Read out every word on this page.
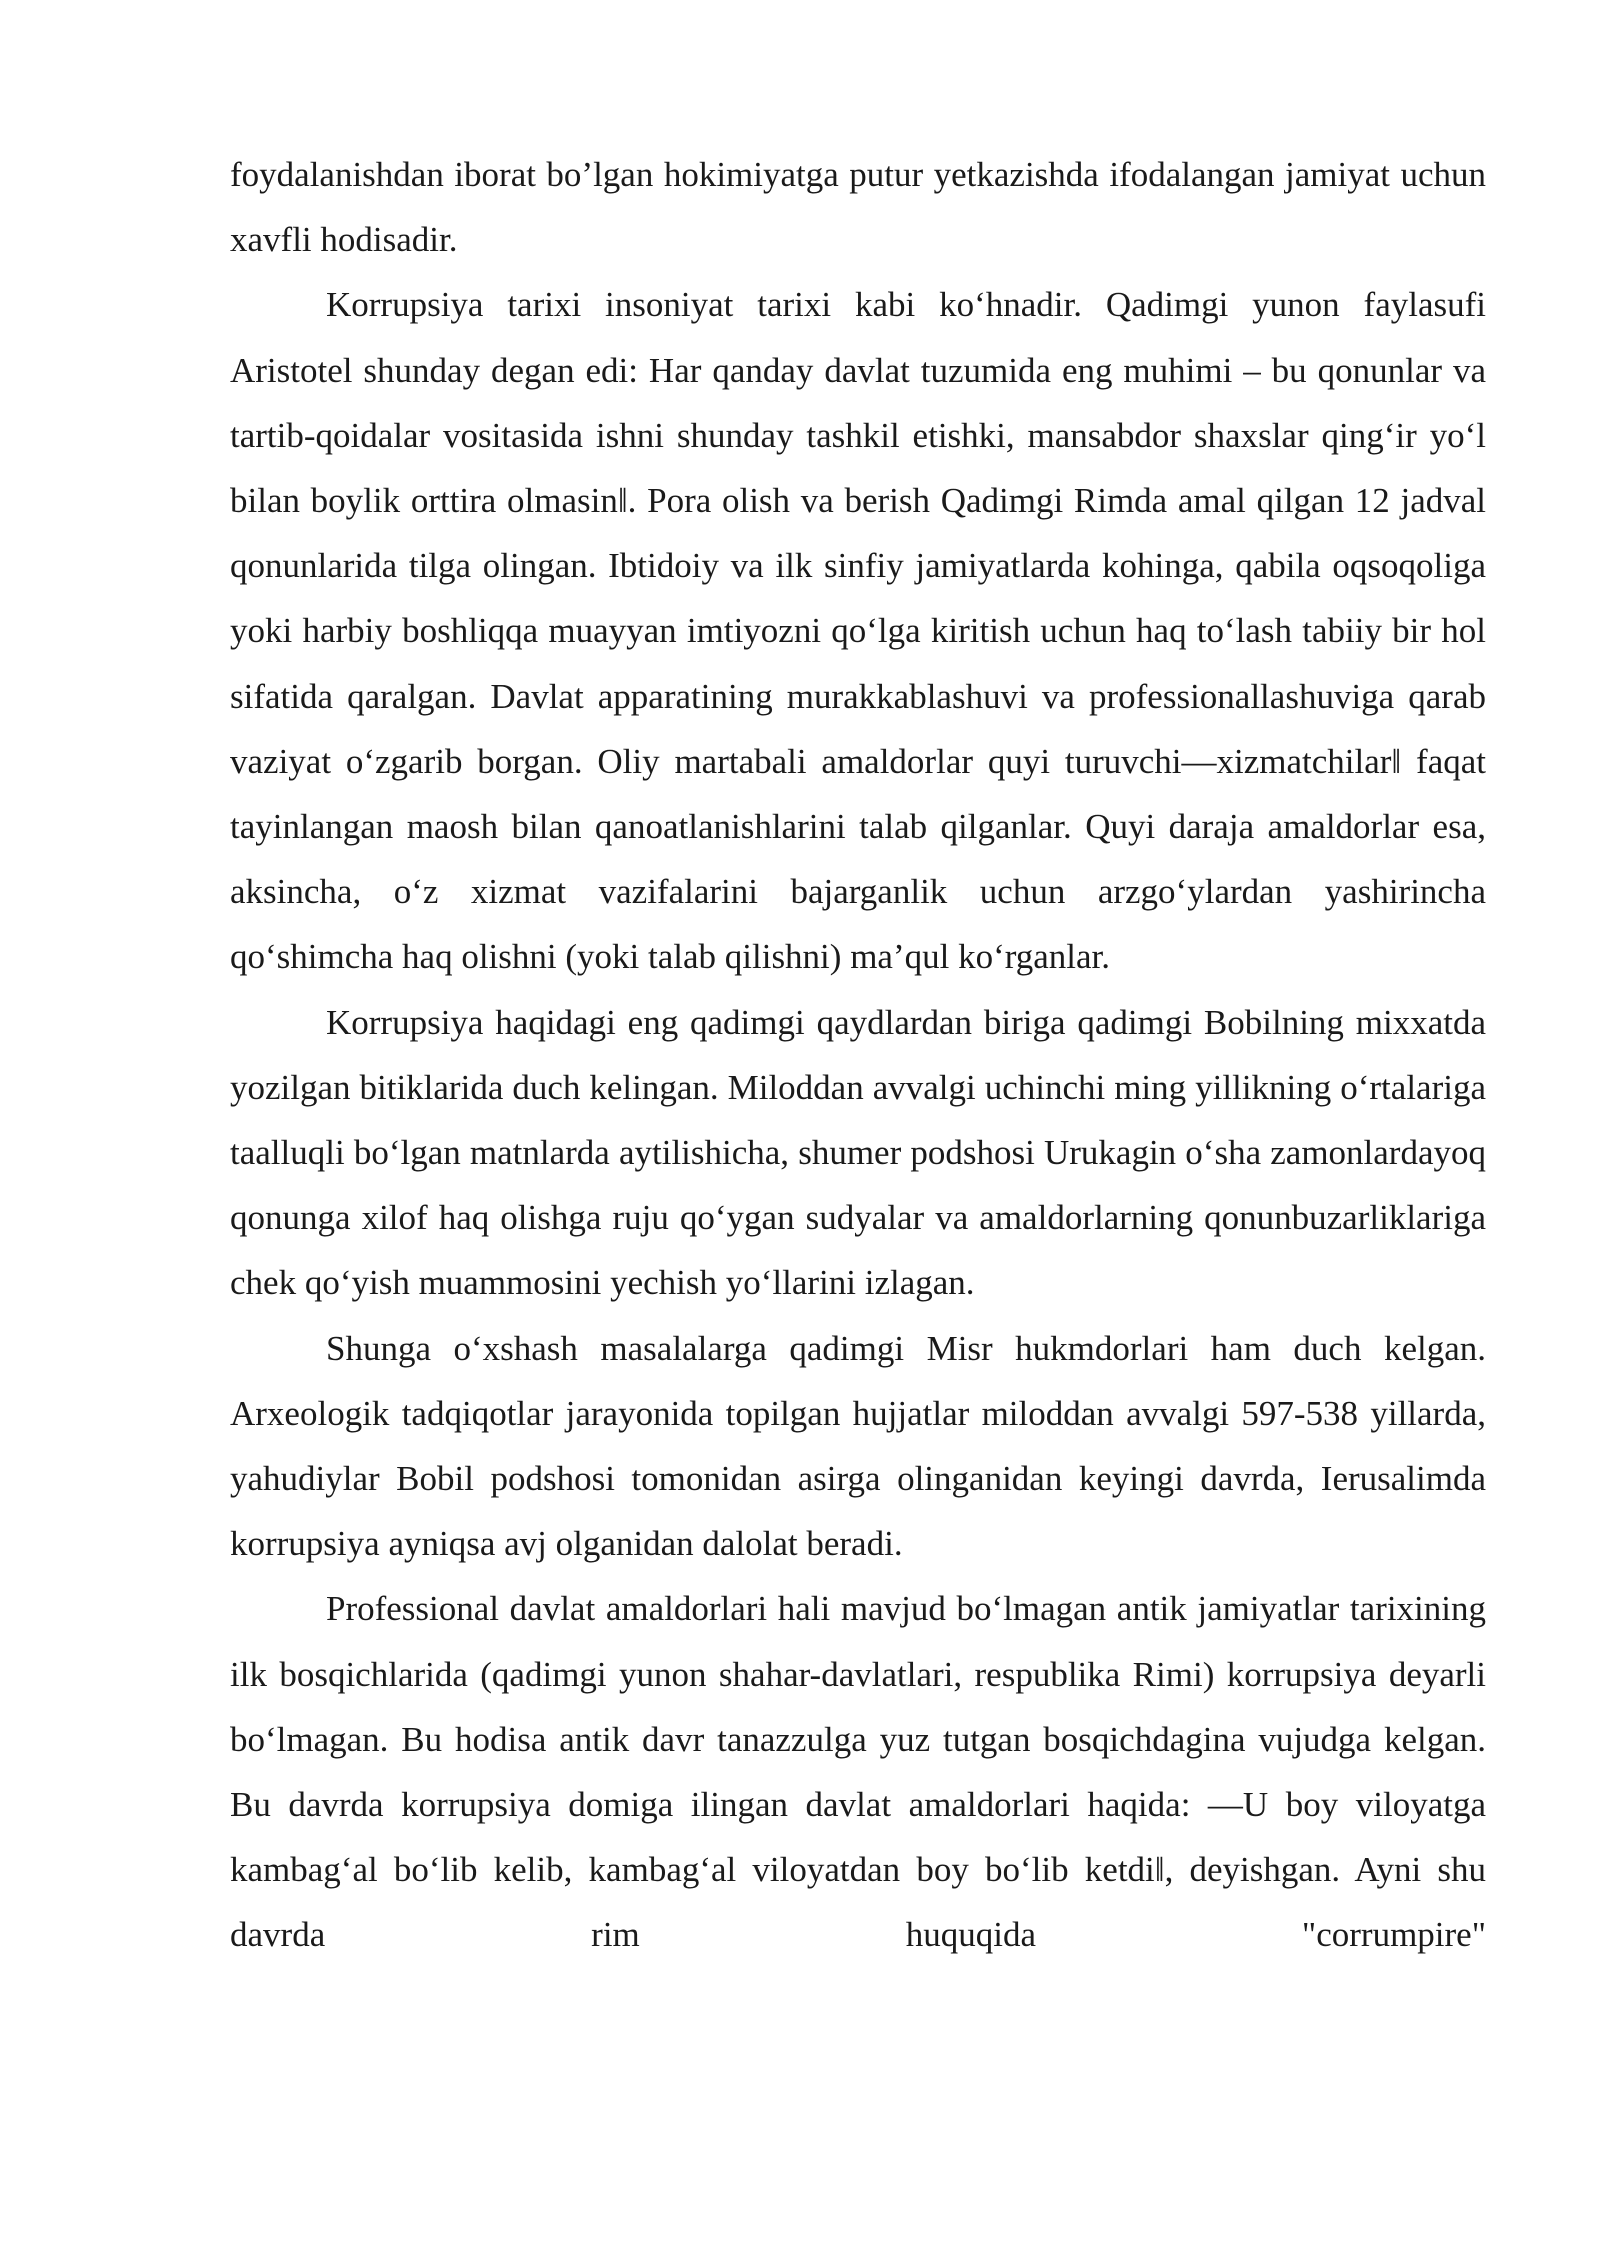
foydalanishdan iborat bo’lgan hokimiyatga putur yetkazishda ifodalangan jamiyat uchun xavfli hodisadir.

Korrupsiya tarixi insoniyat tarixi kabi ko‘hnadir. Qadimgi yunon faylasufi Aristotel shunday degan edi: Har qanday davlat tuzumida eng muhimi – bu qonunlar va tartib-qoidalar vositasida ishni shunday tashkil etishki, mansabdor shaxslar qing‘ir yo‘l bilan boylik orttira olmasin‖. Pora olish va berish Qadimgi Rimda amal qilgan 12 jadval qonunlarida tilga olingan. Ibtidoiy va ilk sinfiy jamiyatlarda kohinga, qabila oqsoqoliga yoki harbiy boshliqqa muayyan imtiyozni qo‘lga kiritish uchun haq to‘lash tabiiy bir hol sifatida qaralgan. Davlat apparatining murakkablashuvi va professionallashuviga qarab vaziyat o‘zgarib borgan. Oliy martabali amaldorlar quyi turuvchi—xizmatchilar‖ faqat tayinlangan maosh bilan qanoatlanishlarini talab qilganlar. Quyi daraja amaldorlar esa, aksincha, o‘z xizmat vazifalarini bajarganlik uchun arzgo‘ylardan yashirincha qo‘shimcha haq olishni (yoki talab qilishni) ma’qul ko‘rganlar.

Korrupsiya haqidagi eng qadimgi qaydlardan biriga qadimgi Bobilning mixxatda yozilgan bitiklarida duch kelingan. Miloddan avvalgi uchinchi ming yillikning o‘rtalariga taalluqli bo‘lgan matnlarda aytilishicha, shumer podshosi Urukagin o‘sha zamonlardayoq qonunga xilof haq olishga ruju qo‘ygan sudyalar va amaldorlarning qonunbuzarliklariga chek qo‘yish muammosini yechish yo‘llarini izlagan.

Shunga o‘xshash masalalarga qadimgi Misr hukmdorlari ham duch kelgan. Arxeologik tadqiqotlar jarayonida topilgan hujjatlar miloddan avvalgi 597-538 yillarda, yahudiylar Bobil podshosi tomonidan asirga olinganidan keyingi davrda, Ierusalimda korrupsiya ayniqsa avj olganidan dalolat beradi.

Professional davlat amaldorlari hali mavjud bo‘lmagan antik jamiyatlar tarixining ilk bosqichlarida (qadimgi yunon shahar-davlatlari, respublika Rimi) korrupsiya deyarli bo‘lmagan. Bu hodisa antik davr tanazzulga yuz tutgan bosqichdagina vujudga kelgan. Bu davrda korrupsiya domiga ilingan davlat amaldorlari haqida: ―U boy viloyatga kambag‘al bo‘lib kelib, kambag‘al viloyatdan boy bo‘lib ketdi‖, deyishgan. Ayni shu davrda rim huquqida "corrumpire"
